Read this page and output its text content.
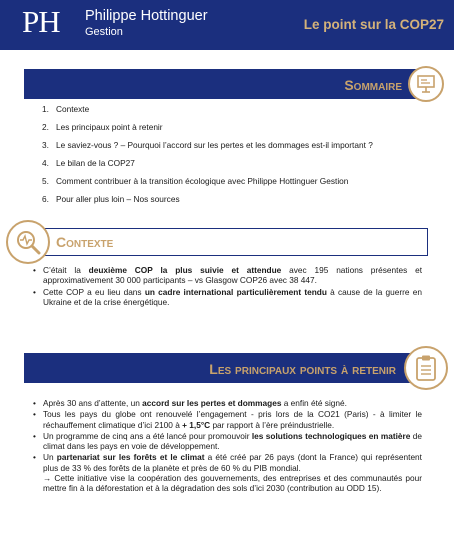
PH Philippe Hottinguer
Gestion	Le point sur la COP27
Sommaire
1. Contexte
2. Les principaux point à retenir
3. Le saviez-vous ? – Pourquoi l’accord sur les pertes et les dommages est-il important ?
4. Le bilan de la COP27
5. Comment contribuer à la transition écologique avec Philippe Hottinguer Gestion
6. Pour aller plus loin – Nos sources
Contexte
• C’était la deuxième COP la plus suivie et attendue avec 195 nations présentes et approximativement 30 000 participants – vs Glasgow COP26 avec 38 447.
• Cette COP a eu lieu dans un cadre international particulièrement tendu à cause de la guerre en Ukraine et de la crise énergétique.
Les principaux points à retenir
• Après 30 ans d’attente, un accord sur les pertes et dommages a enfin été signé.
• Tous les pays du globe ont renouvelé l’engagement - pris lors de la CO21 (Paris) - à limiter le réchauffement climatique d’ici 2100 à + 1,5°C par rapport à l’ère préindustrielle.
• Un programme de cinq ans a été lancé pour promouvoir les solutions technologiques en matière de climat dans les pays en voie de développement.
• Un partenariat sur les forêts et le climat a été créé par 26 pays (dont la France) qui représentent plus de 33 % des forêts de la planète et près de 60 % du PIB mondial.
→ Cette initiative vise la coopération des gouvernements, des entreprises et des communautés pour mettre fin à la déforestation et à la dégradation des sols d’ici 2030 (contribution au ODD 15).
